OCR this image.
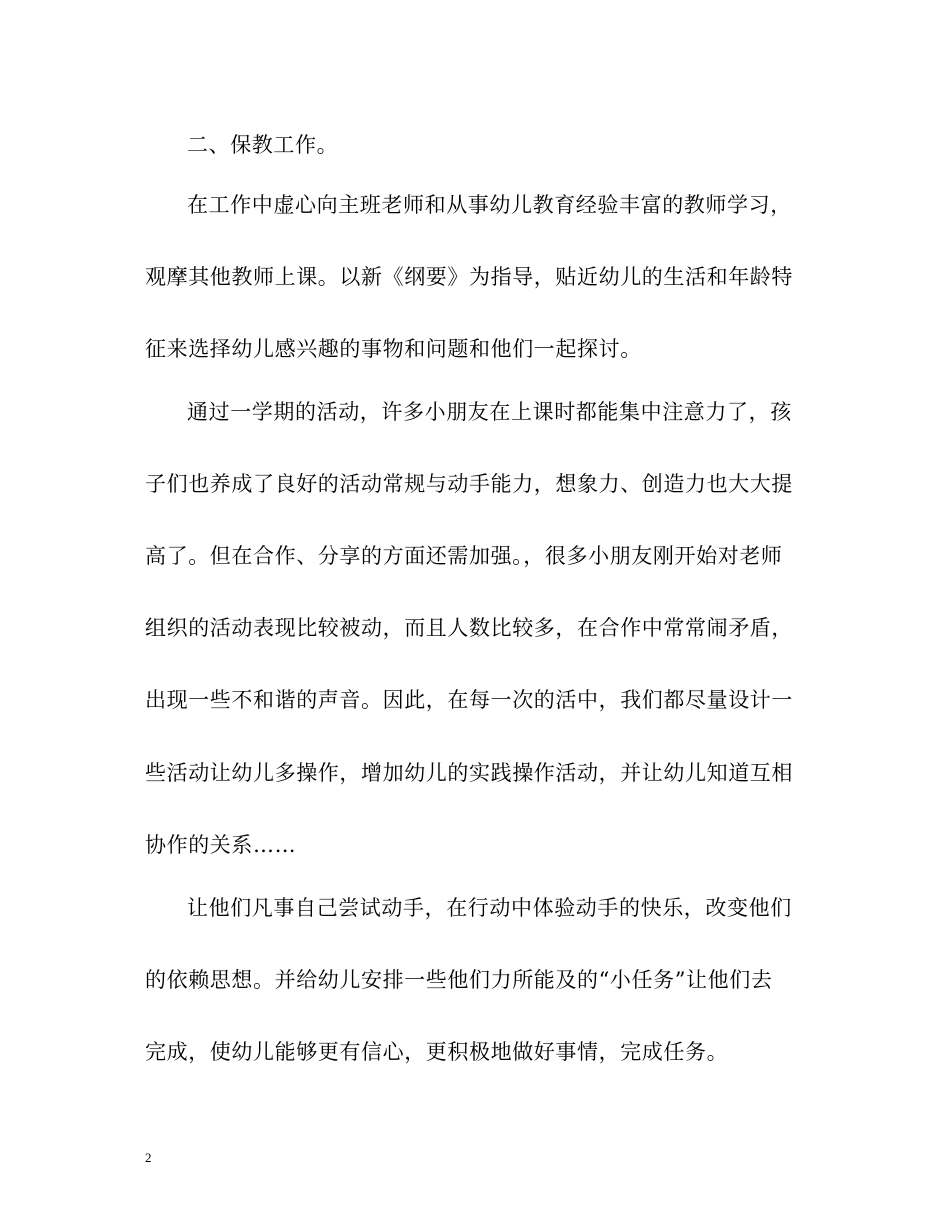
二、保教工作。
在工作中虚心向主班老师和从事幼儿教育经验丰富的教师学习，
观摩其他教师上课。以新《纲要》为指导，贴近幼儿的生活和年龄特
征来选择幼儿感兴趣的事物和问题和他们一起探讨。
通过一学期的活动，许多小朋友在上课时都能集中注意力了，孩
子们也养成了良好的活动常规与动手能力，想象力、创造力也大大提
高了。但在合作、分享的方面还需加强。，很多小朋友刚开始对老师
组织的活动表现比较被动，而且人数比较多，在合作中常常闹矛盾，
出现一些不和谐的声音。因此，在每一次的活中，我们都尽量设计一
些活动让幼儿多操作，增加幼儿的实践操作活动，并让幼儿知道互相
协作的关系……
让他们凡事自己尝试动手，在行动中体验动手的快乐，改变他们
的依赖思想。并给幼儿安排一些他们力所能及的“小任务”让他们去
完成，使幼儿能够更有信心，更积极地做好事情，完成任务。
2
